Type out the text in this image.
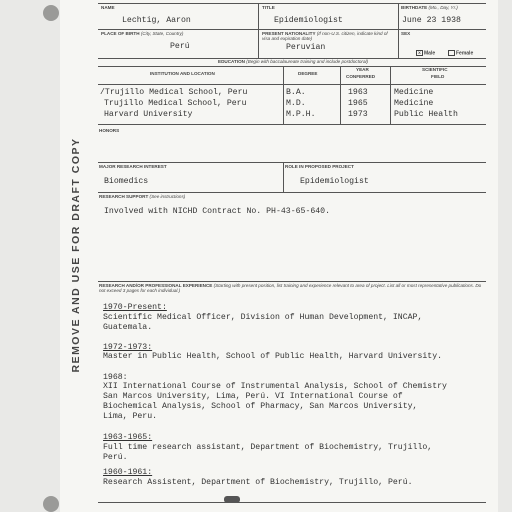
REMOVE AND USE FOR DRAFT COPY
NAME	TITLE	BIRTHDATE (Mo., Day, Yr.)
Lechtig, Aaron	Epidemiologist	June 23 1938
PLACE OF BIRTH (City, State, Country)	PRESENT NATIONALITY (If non-U.S. citizen, indicate kind of visa and expiration date)
SEX
Perú	Peruvian
X Male	Female
EDUCATION (Begin with baccalaureate training and include postdoctoral)
INSTITUTION AND LOCATION	DEGREE
YEAR
CONFERRED
SCIENTIFIC
FIELD
/Trujillo Medical School, Peru	B.A.	1963	Medicine
Trujillo Medical School, Peru	M.D.	1965	Medicine
Harvard University	M.P.H.	1973	Public Health
HONORS
MAJOR RESEARCH INTEREST	ROLE IN PROPOSED PROJECT
Biomedics	Epidemiologist
RESEARCH SUPPORT (See instructions)
Involved with NICHD Contract No. PH-43-65-640.
RESEARCH AND/OR PROFESSIONAL EXPERIENCE (Starting with present position, list training and experience relevant to area of project. List all or most representative publications. Do not exceed 3 pages for each individual.)
1970-Present:
Scientific Medical Officer, Division of Human Development, INCAP,
Guatemala.
1972-1973:
Master in Public Health, School of Public Health, Harvard University.
1968:
XII International Course of Instrumental Analysis, School of Chemistry
San Marcos University, Lima, Perú. VI International Course of
Biochemical Analysis, School of Pharmacy, San Marcos University,
Lima, Peru.
1963-1965:
Full time research assistant, Department of Biochemistry, Trujillo,
Perú.
1960-1961:
Research Assistent, Department of Biochemistry, Trujillo, Perú.
